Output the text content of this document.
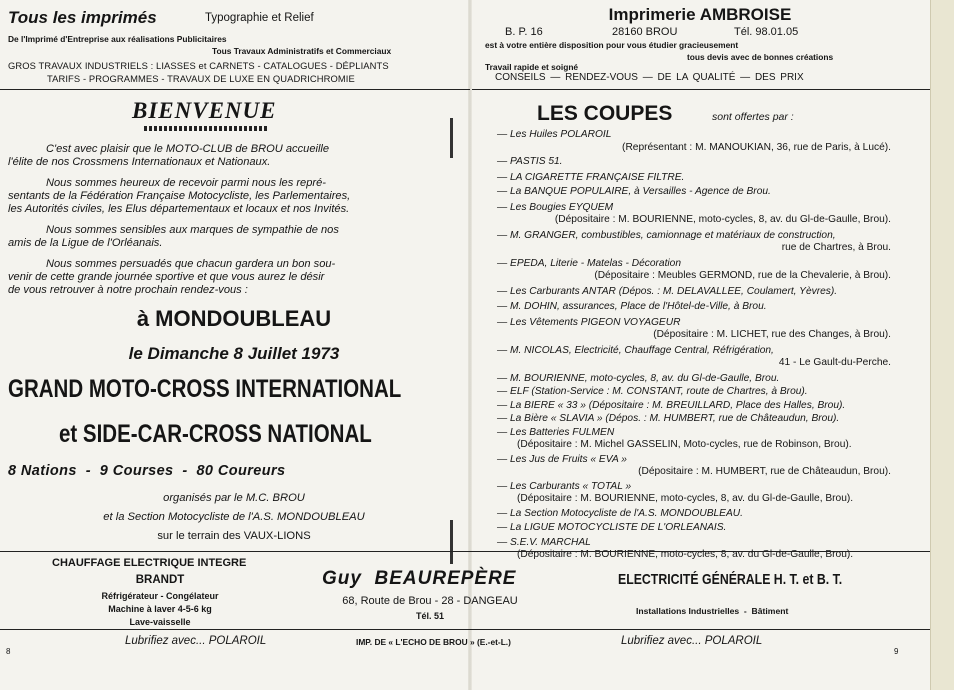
Tous les imprimés	Typographie et Relief
De l'Imprimé d'Entreprise aux réalisations Publicitaires
Tous Travaux Administratifs et Commerciaux
GROS TRAVAUX INDUSTRIELS : LIASSES et CARNETS - CATALOGUES - DÉPLIANTS
TARIFS - PROGRAMMES - TRAVAUX DE LUXE EN QUADRICHROMIE
Imprimerie AMBROISE
B. P. 16	28160 BROU	Tél. 98.01.05
est à votre entière disposition pour vous étudier gracieusement
tous devis avec de bonnes créations
Travail rapide et soigné
CONSEILS — RENDEZ-VOUS — DE LA QUALITÉ — DES PRIX
BIENVENUE
C'est avec plaisir que le MOTO-CLUB de BROU accueille
l'élite de nos Crossmens Internationaux et Nationaux.
Nous sommes heureux de recevoir parmi nous les repré-
sentants de la Fédération Française Motocycliste, les Parlementaires,
les Autorités civiles, les Elus départementaux et locaux et nos Invités.
Nous sommes sensibles aux marques de sympathie de nos
amis de la Ligue de l'Orléanais.
Nous sommes persuadés que chacun gardera un bon sou-
venir de cette grande journée sportive et que vous aurez le désir
de vous retrouver à notre prochain rendez-vous :
à MONDOUBLEAU
le Dimanche 8 Juillet 1973
GRAND MOTO-CROSS INTERNATIONAL
et SIDE-CAR-CROSS NATIONAL
8 Nations  -  9 Courses  -  80 Coureurs
organisés par le M.C. BROU
et la Section Motocycliste de l'A.S. MONDOUBLEAU
sur le terrain des VAUX-LIONS
LES COUPES	sont offertes par :
— Les Huiles POLAROIL
(Représentant : M. MANOUKIAN, 36, rue de Paris, à Lucé).
— PASTIS 51.
— LA CIGARETTE FRANÇAISE FILTRE.
— La BANQUE POPULAIRE, à Versailles - Agence de Brou.
— Les Bougies EYQUEM
(Dépositaire : M. BOURIENNE, moto-cycles, 8, av. du Gl-de-Gaulle, Brou).
— M. GRANGER, combustibles, camionnage et matériaux de construction,
rue de Chartres, à Brou.
— EPEDA, Literie - Matelas - Décoration
(Dépositaire : Meubles GERMOND, rue de la Chevalerie, à Brou).
— Les Carburants ANTAR (Dépos. : M. DELAVALLEE, Coulamert, Yèvres).
— M. DOHIN, assurances, Place de l'Hôtel-de-Ville, à Brou.
— Les Vêtements PIGEON VOYAGEUR
(Dépositaire : M. LICHET, rue des Changes, à Brou).
— M. NICOLAS, Electricité, Chauffage Central, Réfrigération,
41 - Le Gault-du-Perche.
— M. BOURIENNE, moto-cycles, 8, av. du Gl-de-Gaulle, Brou.
— ELF (Station-Service : M. CONSTANT, route de Chartres, à Brou).
— La BIERE « 33 » (Dépositaire : M. BREUILLARD, Place des Halles, Brou).
— La Bière « SLAVIA » (Dépos. : M. HUMBERT, rue de Châteaudun, Brou).
— Les Batteries FULMEN
(Dépositaire : M. Michel GASSELIN, Moto-cycles, rue de Robinson, Brou).
— Les Jus de Fruits « EVA »
(Dépositaire : M. HUMBERT, rue de Châteaudun, Brou).
— Les Carburants « TOTAL »
(Dépositaire : M. BOURIENNE, moto-cycles, 8, av. du Gl-de-Gaulle, Brou).
— La Section Motocycliste de l'A.S. MONDOUBLEAU.
— La LIGUE MOTOCYCLISTE DE L'ORLEANAIS.
— S.E.V. MARCHAL
(Dépositaire : M. BOURIENNE, moto-cycles, 8, av. du Gl-de-Gaulle, Brou).
CHAUFFAGE ELECTRIQUE INTEGRE
BRANDT
Réfrigérateur - Congélateur
Machine à laver 4-5-6 kg
Lave-vaisselle
Guy  BEAUREPÈRE
68, Route de Brou - 28 - DANGEAU
Tél. 51
ELECTRICITÉ GÉNÉRALE H. T. et B. T.
Installations Industrielles  -  Bâtiment
8
Lubrifiez avec... POLAROIL	IMP. DE « L'ECHO DE BROU » (E.-et-L.)	Lubrifiez avec... POLAROIL
9
